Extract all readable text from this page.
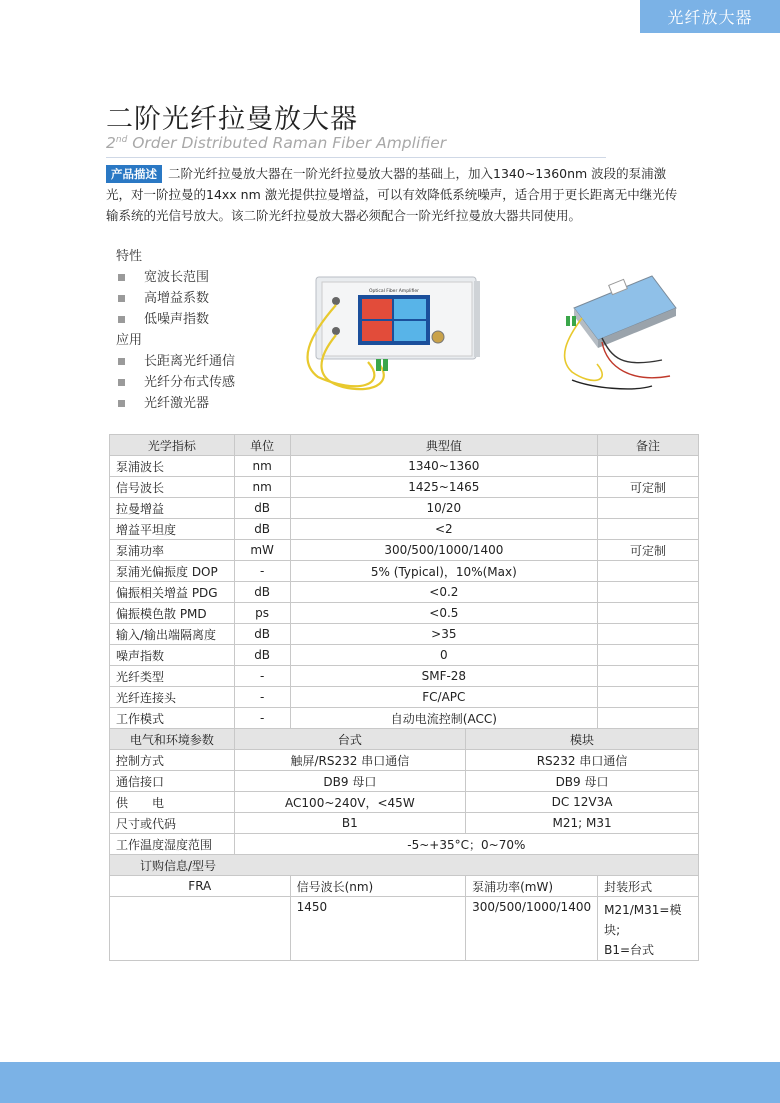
光纤放大器
二阶光纤拉曼放大器
2nd Order Distributed Raman Fiber Amplifier
产品描述 二阶光纤拉曼放大器在一阶光纤拉曼放大器的基础上，加入1340~1360nm 波段的泵浦激光，对一阶拉曼的14xx nm 激光提供拉曼增益，可以有效降低系统噪声，适合用于更长距离无中继光传输系统的光信号放大。该二阶光纤拉曼放大器必须配合一阶光纤拉曼放大器共同使用。
特性
宽波长范围
高增益系数
低噪声指数
应用
长距离光纤通信
光纤分布式传感
光纤激光器
Optical Fiber Amplifier
光学指标	单位	典型值		备注
泵浦波长	nm	1340~1360		
信号波长	nm	1425~1465		可定制
拉曼增益	dB	10/20		
增益平坦度	dB	<2		
泵浦功率	mW	300/500/1000/1400		可定制
泵浦光偏振度 DOP	-	5% (Typical)，10%(Max)		
偏振相关增益 PDG	dB	<0.2		
偏振模色散 PMD	ps	<0.5		
输入/输出端隔离度	dB	>35		
噪声指数	dB	0		
光纤类型	-	SMF-28		
光纤连接头	-	FC/APC		
工作模式	-	自动电流控制(ACC)		
电气和环境参数	台式		模块	
控制方式	触屏/RS232 串口通信		RS232 串口通信	
通信接口	DB9 母口		DB9 母口	
供　　电	AC100~240V，<45W		DC 12V3A	
尺寸或代码	B1		M21; M31	
工作温度湿度范围	-5~+35°C；0~70%			
订购信息/型号				
FRA		信号波长(nm)	泵浦功率(mW)	封装形式
		1450	300/500/1000/1400	M21/M31=模块;
B1=台式
